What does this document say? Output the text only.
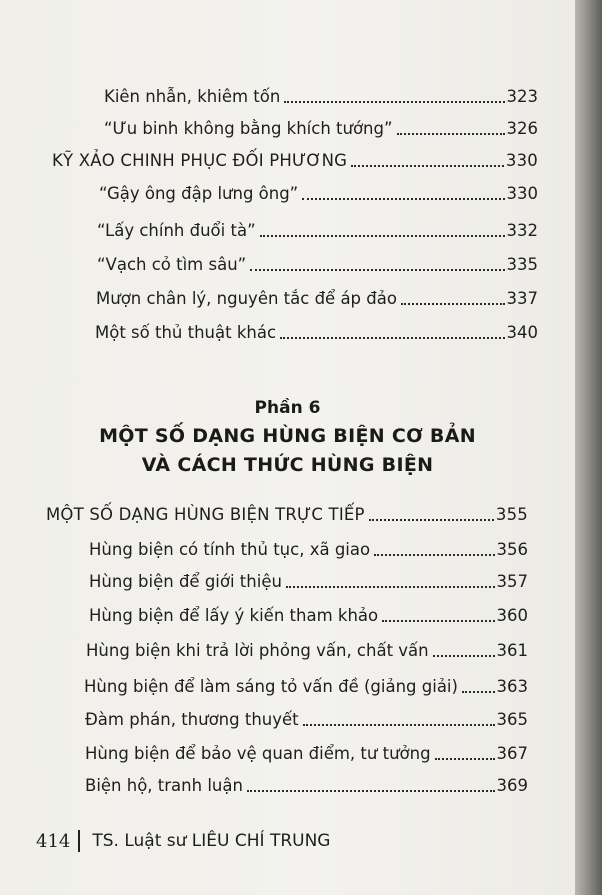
Kiên nhẫn, khiêm tốn	323
“Ưu binh không bằng khích tướng”	326
KỸ XẢO CHINH PHỤC ĐỐI PHƯƠNG	330
“Gậy ông đập lưng ông”	330
“Lấy chính đuổi tà”	332
“Vạch cỏ tìm sâu”	335
Mượn chân lý, nguyên tắc để áp đảo	337
Một số thủ thuật khác	340
Phần 6
MỘT SỐ DẠNG HÙNG BIỆN CƠ BẢN
VÀ CÁCH THỨC HÙNG BIỆN
MỘT SỐ DẠNG HÙNG BIỆN TRỰC TIẾP	355
Hùng biện có tính thủ tục, xã giao	356
Hùng biện để giới thiệu	357
Hùng biện để lấy ý kiến tham khảo	360
Hùng biện khi trả lời phỏng vấn, chất vấn	361
Hùng biện để làm sáng tỏ vấn đề (giảng giải) 363
Đàm phán, thương thuyết	365
Hùng biện để bảo vệ quan điểm, tư tưởng	367
Biện hộ, tranh luận	369
414 TS. Luật sư LIÊU CHÍ TRUNG
